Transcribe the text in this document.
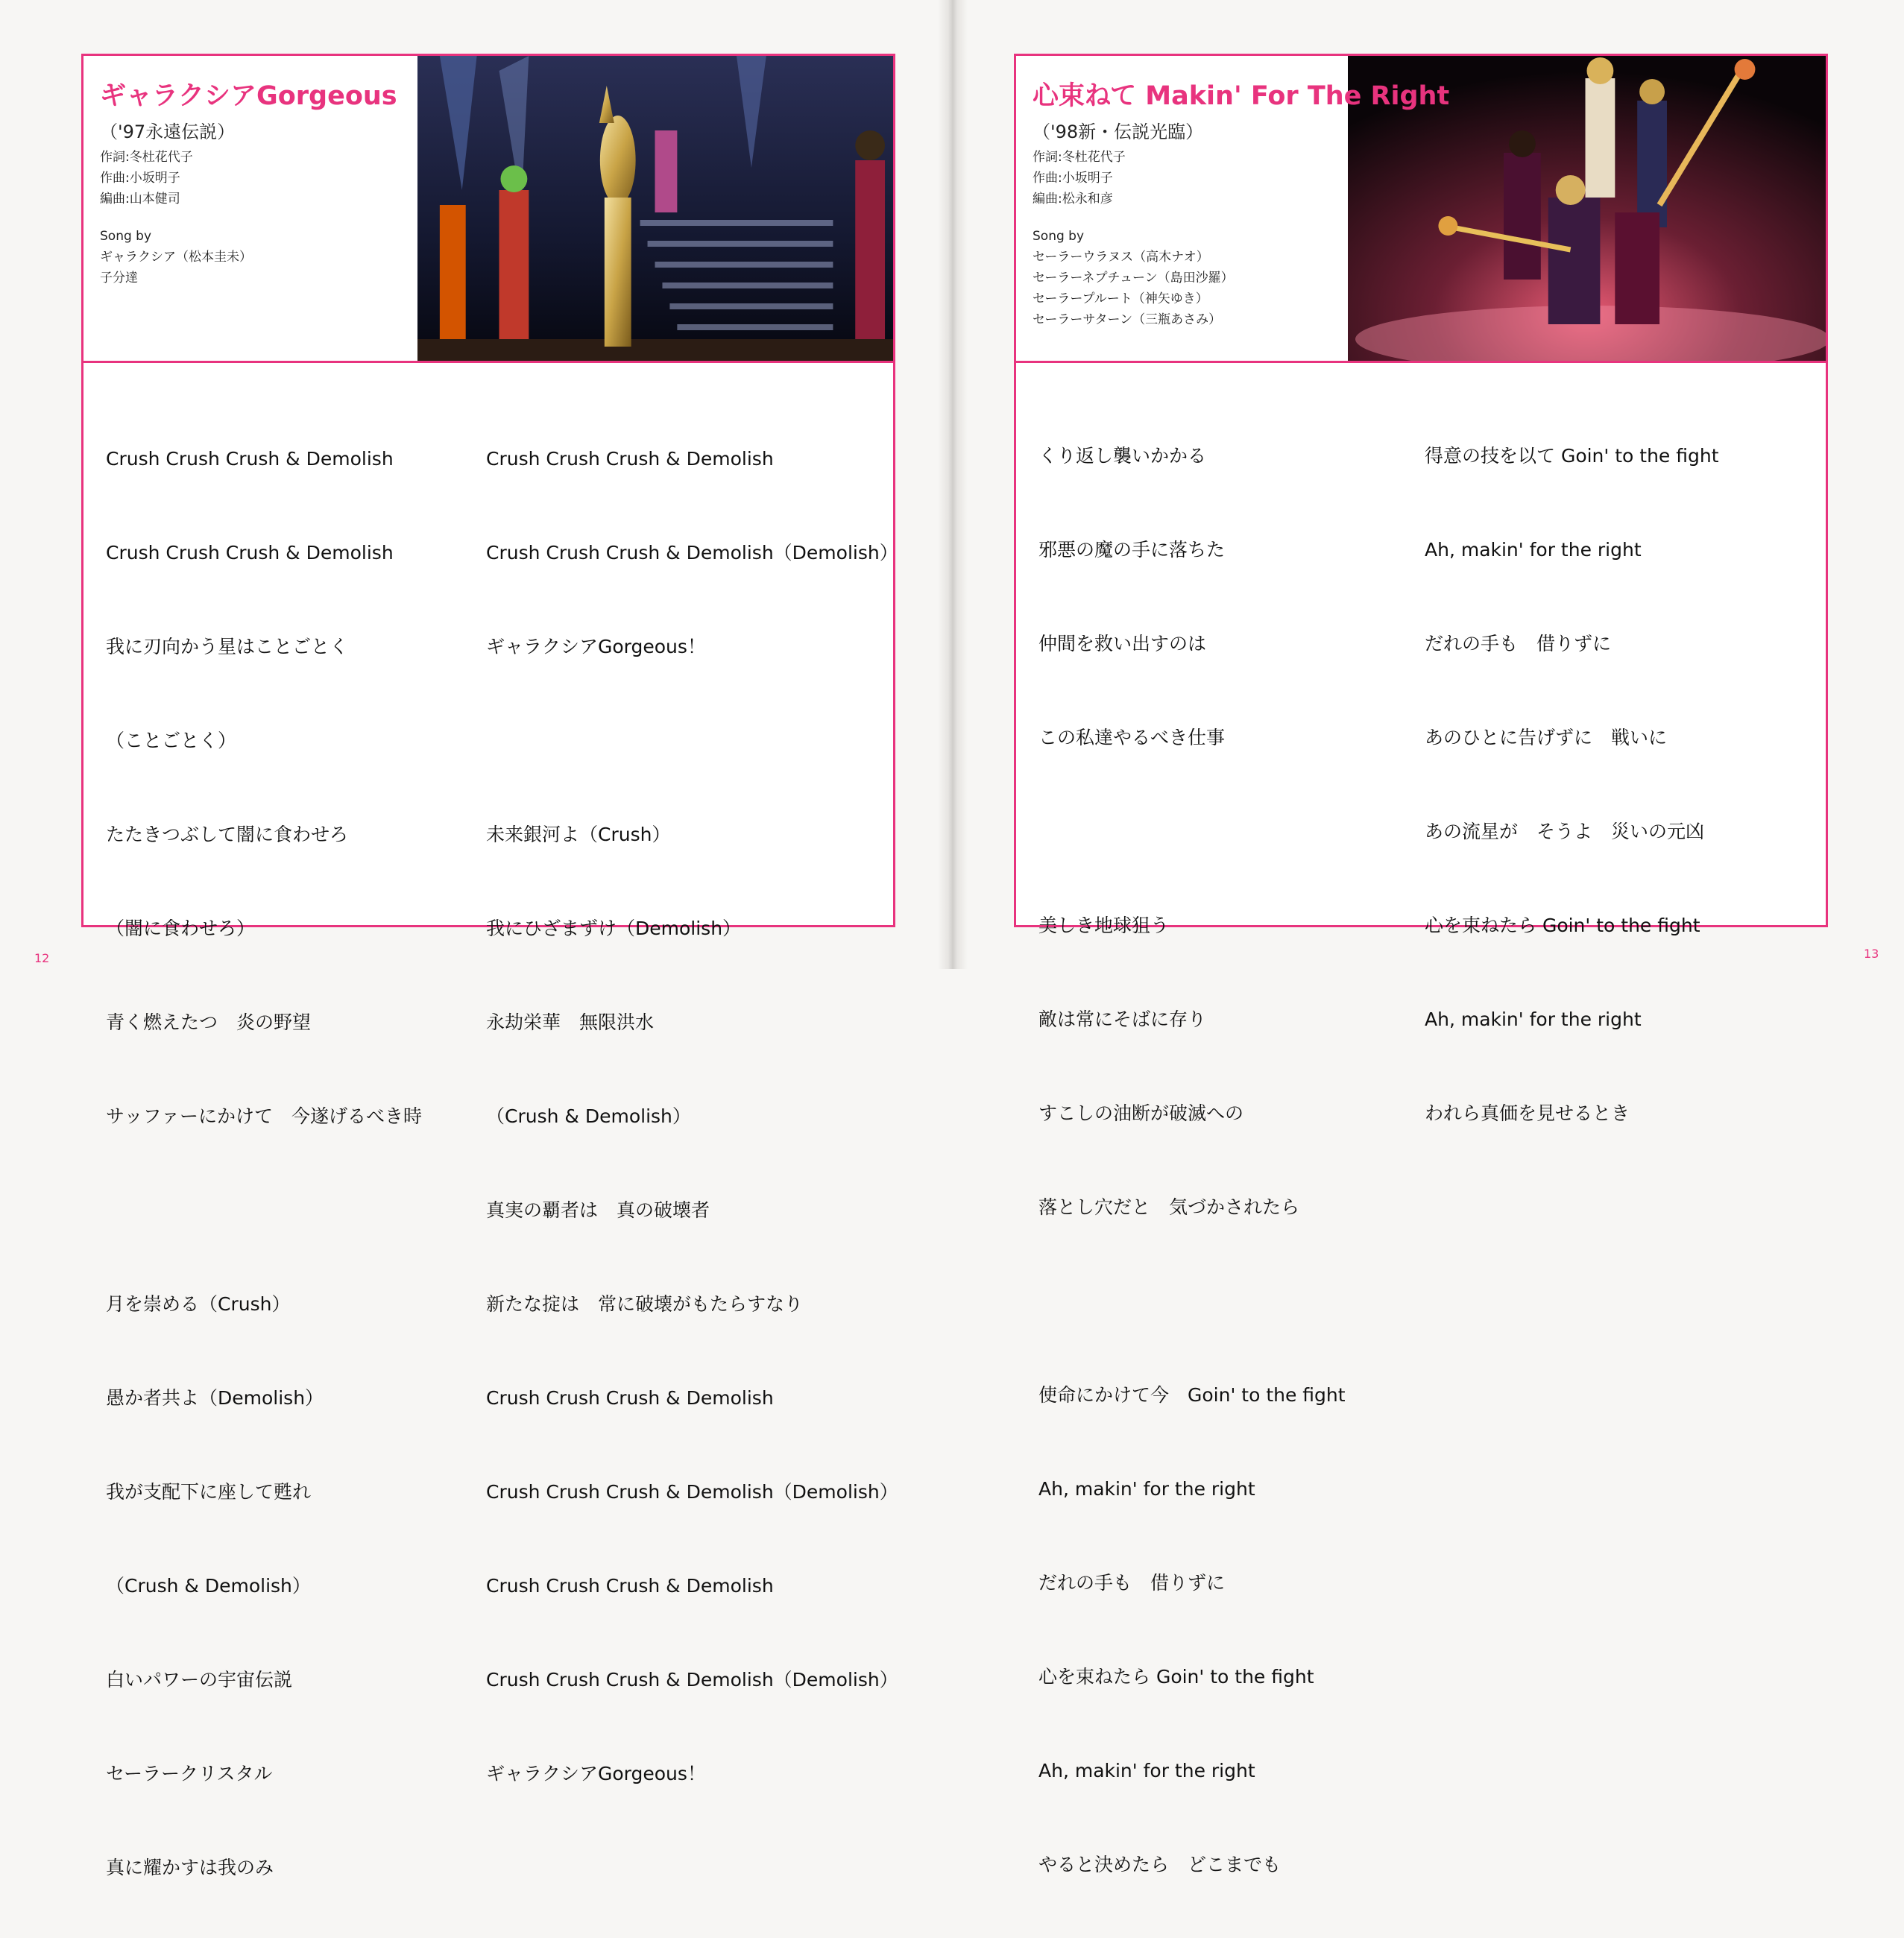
ギャラクシアGorgeous
（'97永遠伝説）
作詞:冬杜花代子
作曲:小坂明子
編曲:山本健司
Song by
ギャラクシア（松本圭未）
子分達

Crush Crush Crush & Demolish

Crush Crush Crush & Demolish

我に刃向かう星はことごとく

（ことごとく）

たたきつぶして闇に食わせろ

（闇に食わせろ）

青く燃えたつ　炎の野望

サッファーにかけて　今遂げるべき時

月を崇める（Crush）

愚か者共よ（Demolish）

我が支配下に座して甦れ

（Crush & Demolish）

白いパワーの宇宙伝説

セーラークリスタル

真に耀かすは我のみ

Crush Crush Crush & Demolish

Crush Crush Crush & Demolish（Demolish）

ギャラクシアGorgeous！

未来銀河よ（Crush）

我にひざまずけ（Demolish）

永劫栄華　無限洪水

（Crush & Demolish）

真実の覇者は　真の破壊者

新たな掟は　常に破壊がもたらすなり

Crush Crush Crush & Demolish

Crush Crush Crush & Demolish（Demolish）

Crush Crush Crush & Demolish

Crush Crush Crush & Demolish（Demolish）

ギャラクシアGorgeous！

12
心束ねて Makin' For The Right
（'98新・伝説光臨）
作詞:冬杜花代子
作曲:小坂明子
編曲:松永和彦
Song by
セーラーウラヌス（高木ナオ）
セーラーネプチューン（島田沙羅）
セーラープルート（神矢ゆき）
セーラーサターン（三瓶あさみ）

くり返し襲いかかる

邪悪の魔の手に落ちた

仲間を救い出すのは

この私達やるべき仕事

美しき地球狙う

敵は常にそばに存り

すこしの油断が破滅への

落とし穴だと　気づかされたら

使命にかけて今　Goin' to the fight

Ah, makin' for the right

だれの手も　借りずに

心を束ねたら Goin' to the fight

Ah, makin' for the right

やると決めたら　どこまでも

得意の技を以て Goin' to the fight

Ah, makin' for the right

だれの手も　借りずに

あのひとに告げずに　戦いに

あの流星が　そうよ　災いの元凶

心を束ねたら Goin' to the fight

Ah, makin' for the right

われら真価を見せるとき

13
